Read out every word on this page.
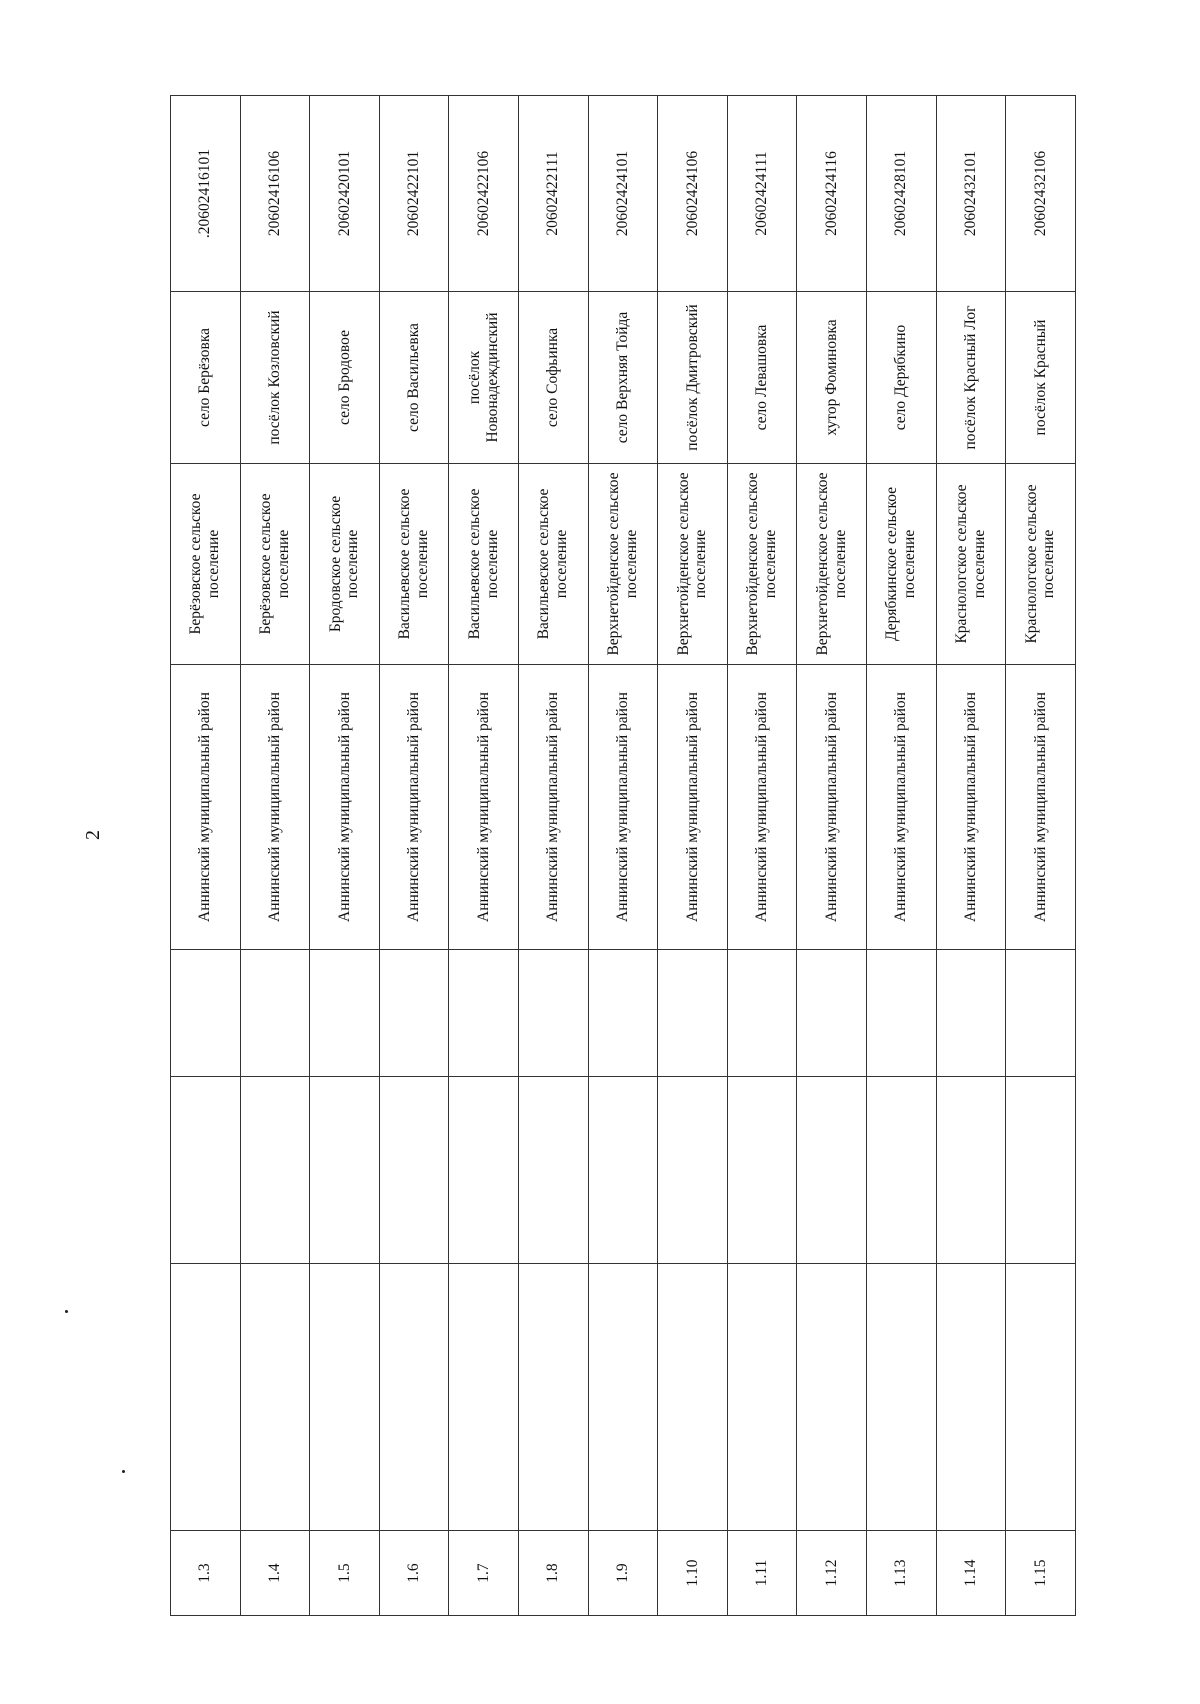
2
1.3				Аннинский муниципальный район	Берёзовское сельское поселение	село Берёзовка	.20602416101
1.4				Аннинский муниципальный район	Берёзовское сельское поселение	посёлок Козловский	20602416106
1.5				Аннинский муниципальный район	Бродовское сельское поселение	село Бродовое	20602420101
1.6				Аннинский муниципальный район	Васильевское сельское поселение	село Васильевка	20602422101
1.7				Аннинский муниципальный район	Васильевское сельское поселение	посёлок Новонадеждинский	20602422106
1.8				Аннинский муниципальный район	Васильевское сельское поселение	село Софьинка	20602422111
1.9				Аннинский муниципальный район	Верхнетойденское сельское поселение	село Верхняя Тойда	20602424101
1.10				Аннинский муниципальный район	Верхнетойденское сельское поселение	посёлок Дмитровский	20602424106
1.11				Аннинский муниципальный район	Верхнетойденское сельское поселение	село Левашовка	20602424111
1.12				Аннинский муниципальный район	Верхнетойденское сельское поселение	хутор Фоминовка	20602424116
1.13				Аннинский муниципальный район	Дерябкинское сельское поселение	село Дерябкино	20602428101
1.14				Аннинский муниципальный район	Краснологское сельское поселение	посёлок Красный Лог	20602432101
1.15				Аннинский муниципальный район	Краснологское сельское поселение	посёлок Красный	20602432106
